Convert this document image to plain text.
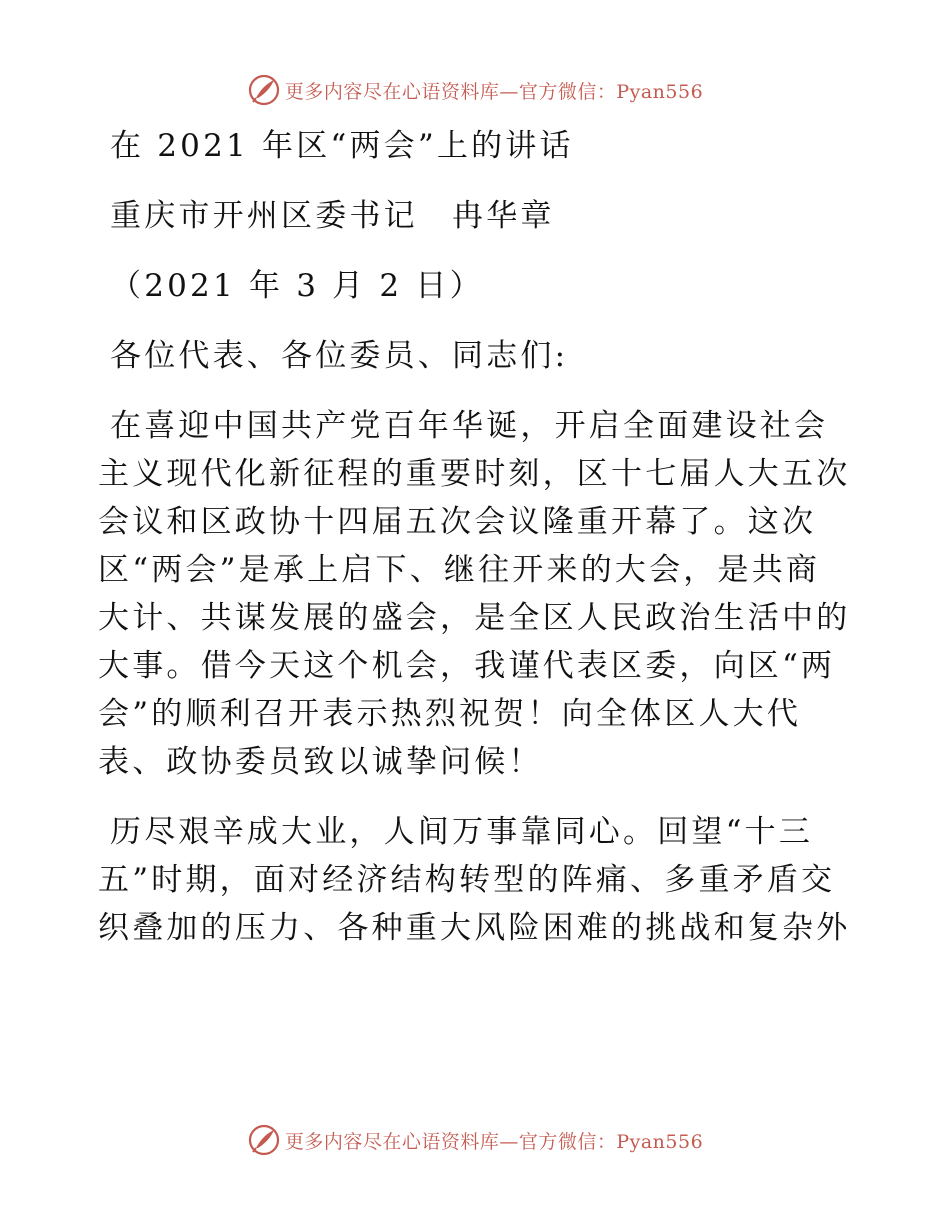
更多内容尽在心语资料库—官方微信：Pyan556
在 2021 年区“两会”上的讲话
重庆市开州区委书记　冉华章
（2021 年 3 月 2 日）
各位代表、各位委员、同志们:
在喜迎中国共产党百年华诞，开启全面建设社会
主义现代化新征程的重要时刻，区十七届人大五次
会议和区政协十四届五次会议隆重开幕了。这次
区“两会”是承上启下、继往开来的大会，是共商
大计、共谋发展的盛会，是全区人民政治生活中的
大事。借今天这个机会，我谨代表区委，向区“两
会”的顺利召开表示热烈祝贺！向全体区人大代
表、政协委员致以诚挚问候！
历尽艰辛成大业，人间万事靠同心。回望“十三
五”时期，面对经济结构转型的阵痛、多重矛盾交
织叠加的压力、各种重大风险困难的挑战和复杂外
更多内容尽在心语资料库—官方微信：Pyan556
